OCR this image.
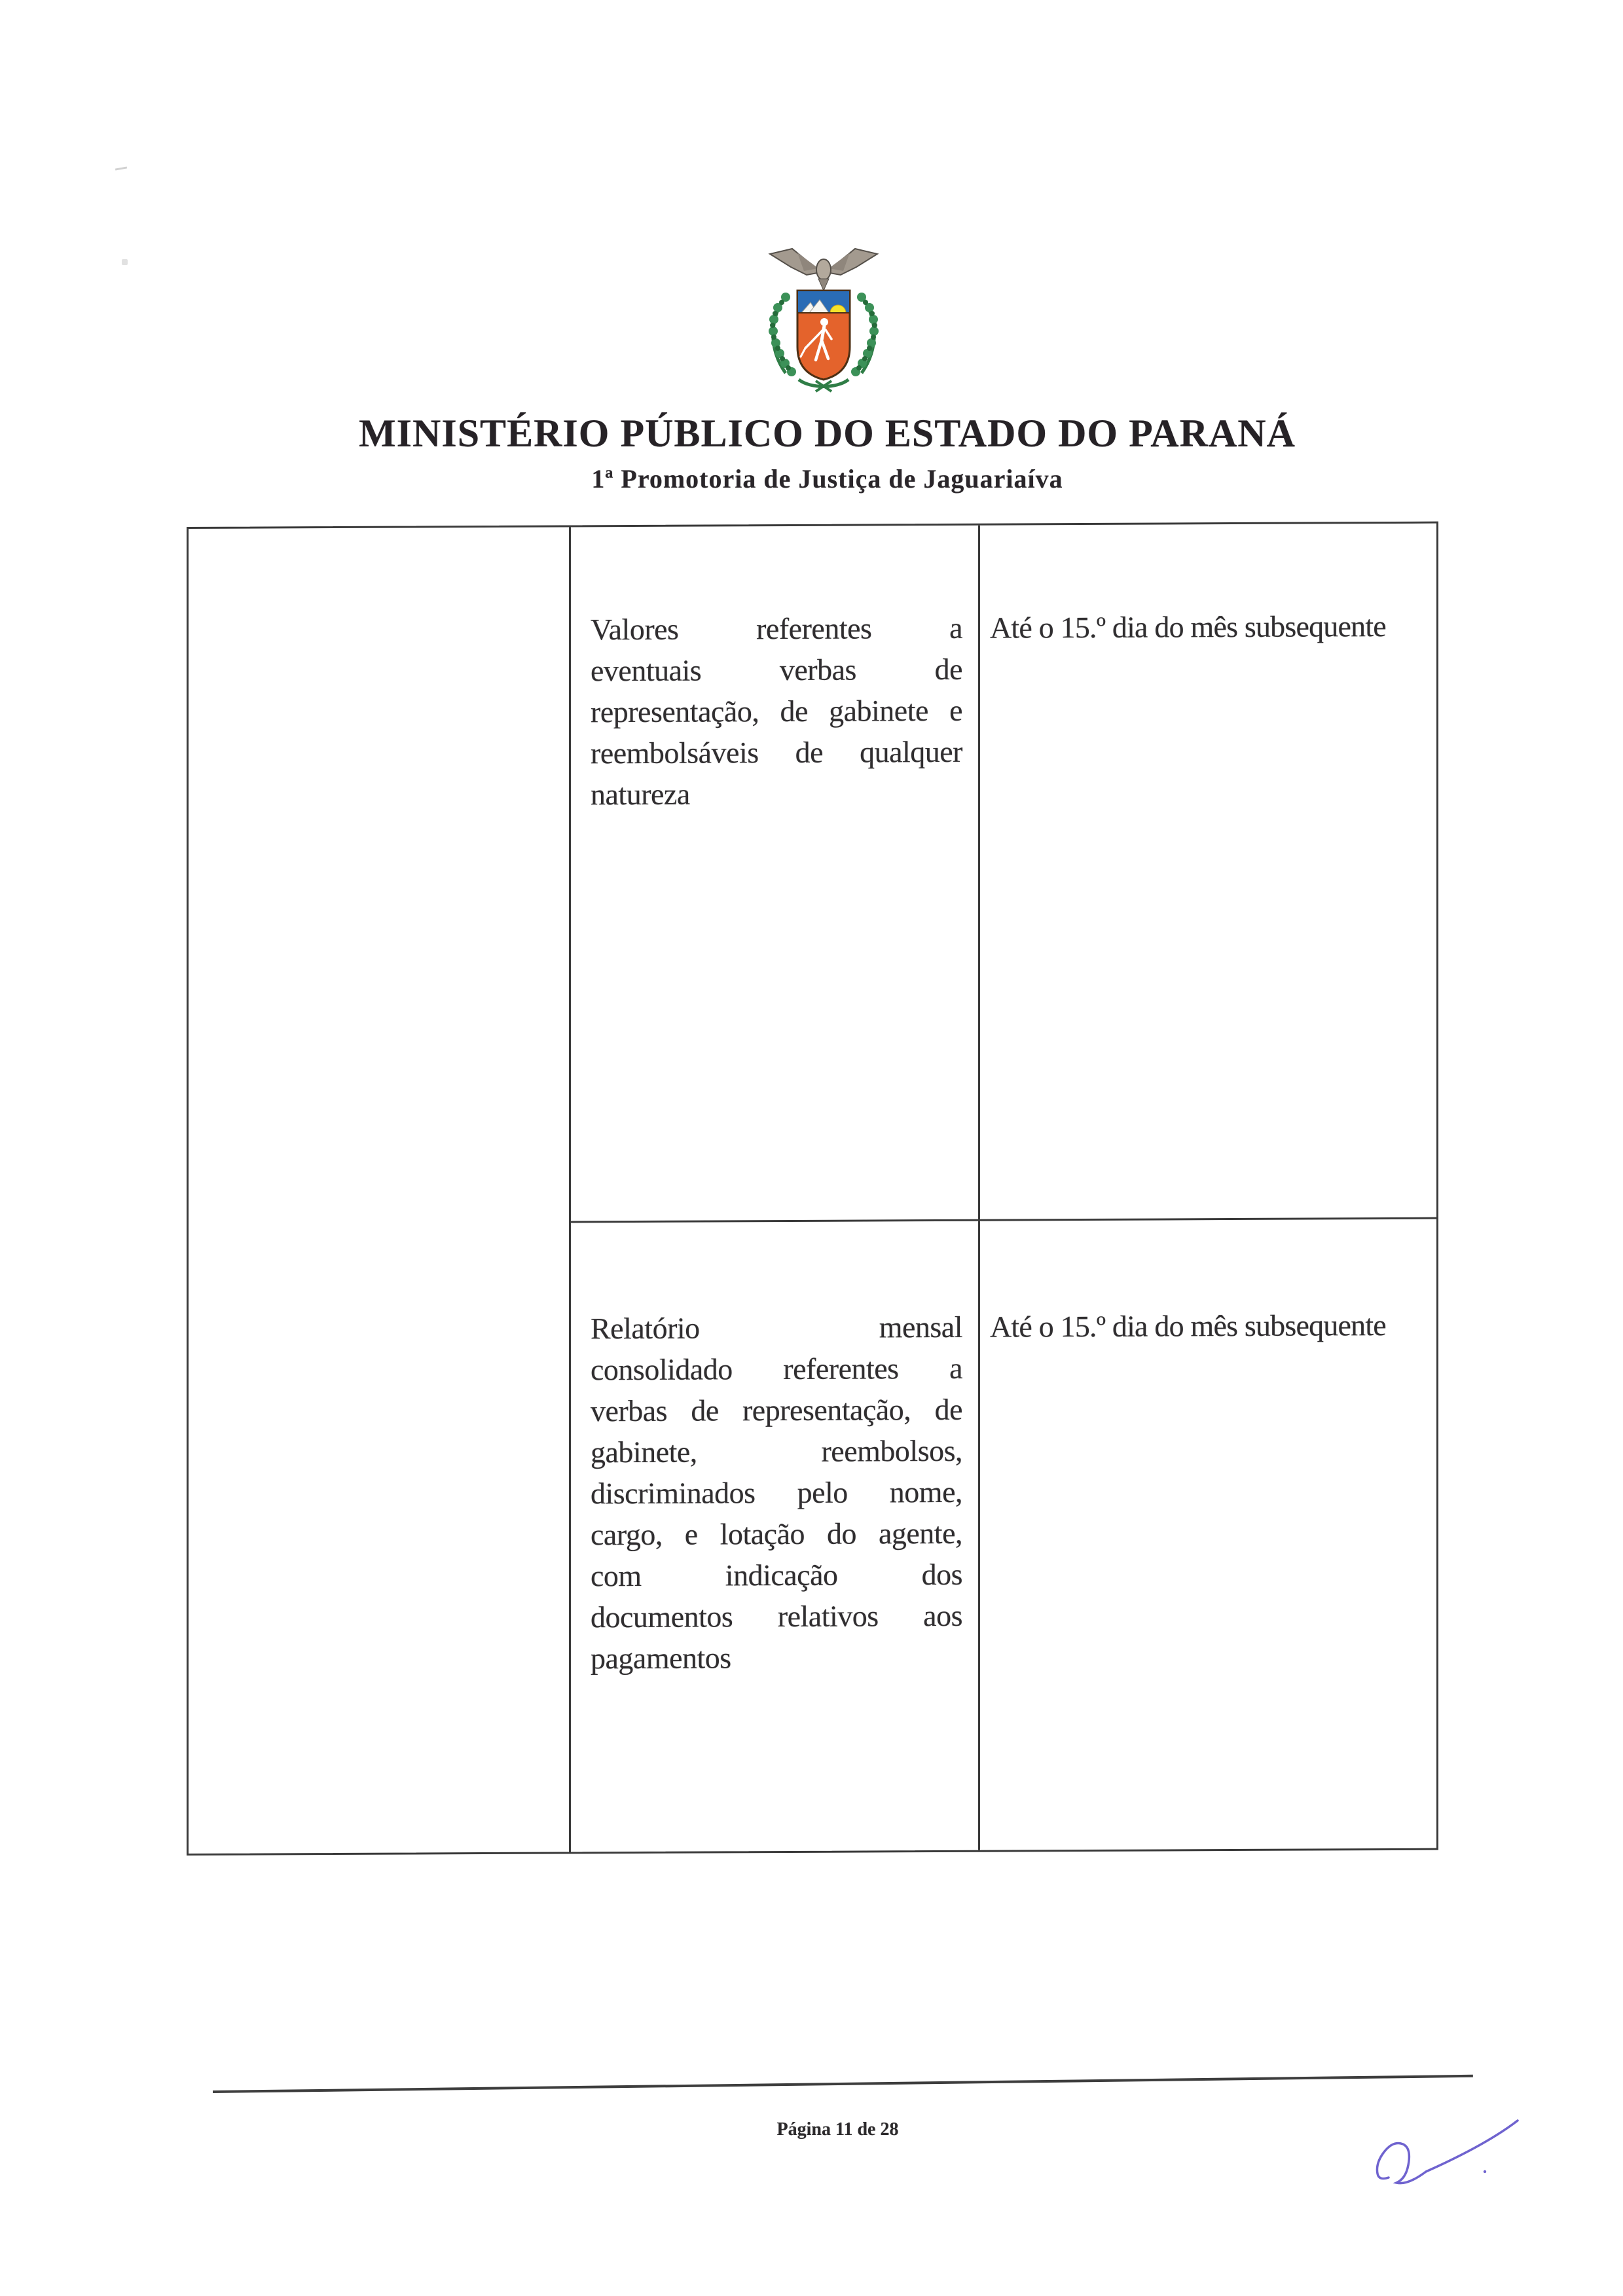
MINISTÉRIO PÚBLICO DO ESTADO DO PARANÁ
1ª Promotoria de Justiça de Jaguariaíva
Valores referentes a
eventuais verbas de
representação, de gabinete e
reembolsáveis de qualquer
natureza
Até o 15.º dia do mês subsequente
Relatório mensal
consolidado referentes a
verbas de representação, de
gabinete, reembolsos,
discriminados pelo nome,
cargo, e lotação do agente,
com indicação dos
documentos relativos aos
pagamentos
Até o 15.º dia do mês subsequente
Página 11 de 28
